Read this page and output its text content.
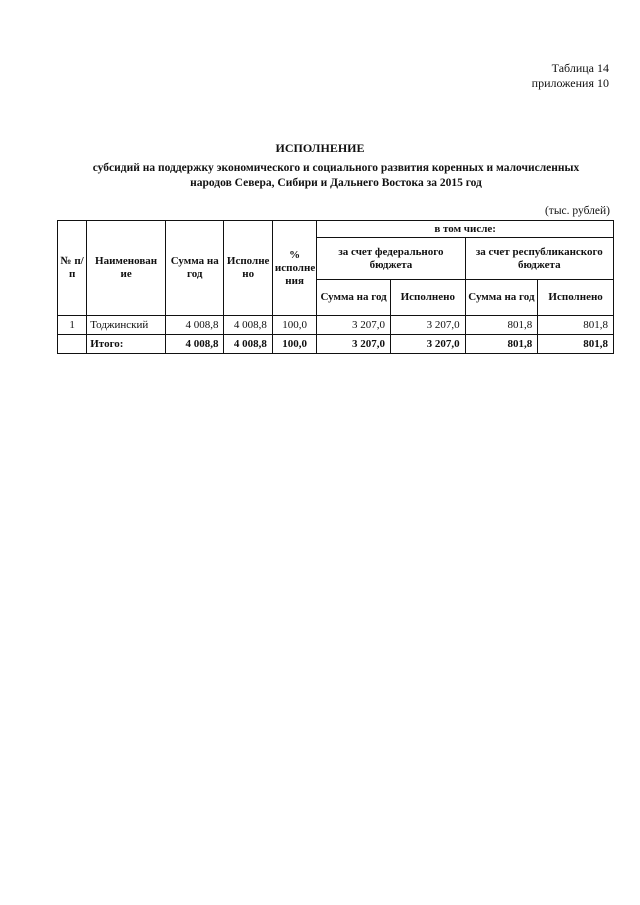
Таблица 14
приложения 10
ИСПОЛНЕНИЕ
субсидий на поддержку экономического и социального развития коренных и малочисленных
народов Севера, Сибири и Дальнего Востока за 2015 год
(тыс. рублей)
№ п/п	Наименован ие	Сумма на год	Исполне но	% исполне ния	в том числе:			
					за счет федерального бюджета		за счет республиканского бюджета	
					Сумма на год	Исполнено	Сумма на год	Исполнено
1	Тоджинский	4 008,8	4 008,8	100,0	3 207,0	3 207,0	801,8	801,8
	Итого:	4 008,8	4 008,8	100,0	3 207,0	3 207,0	801,8	801,8
